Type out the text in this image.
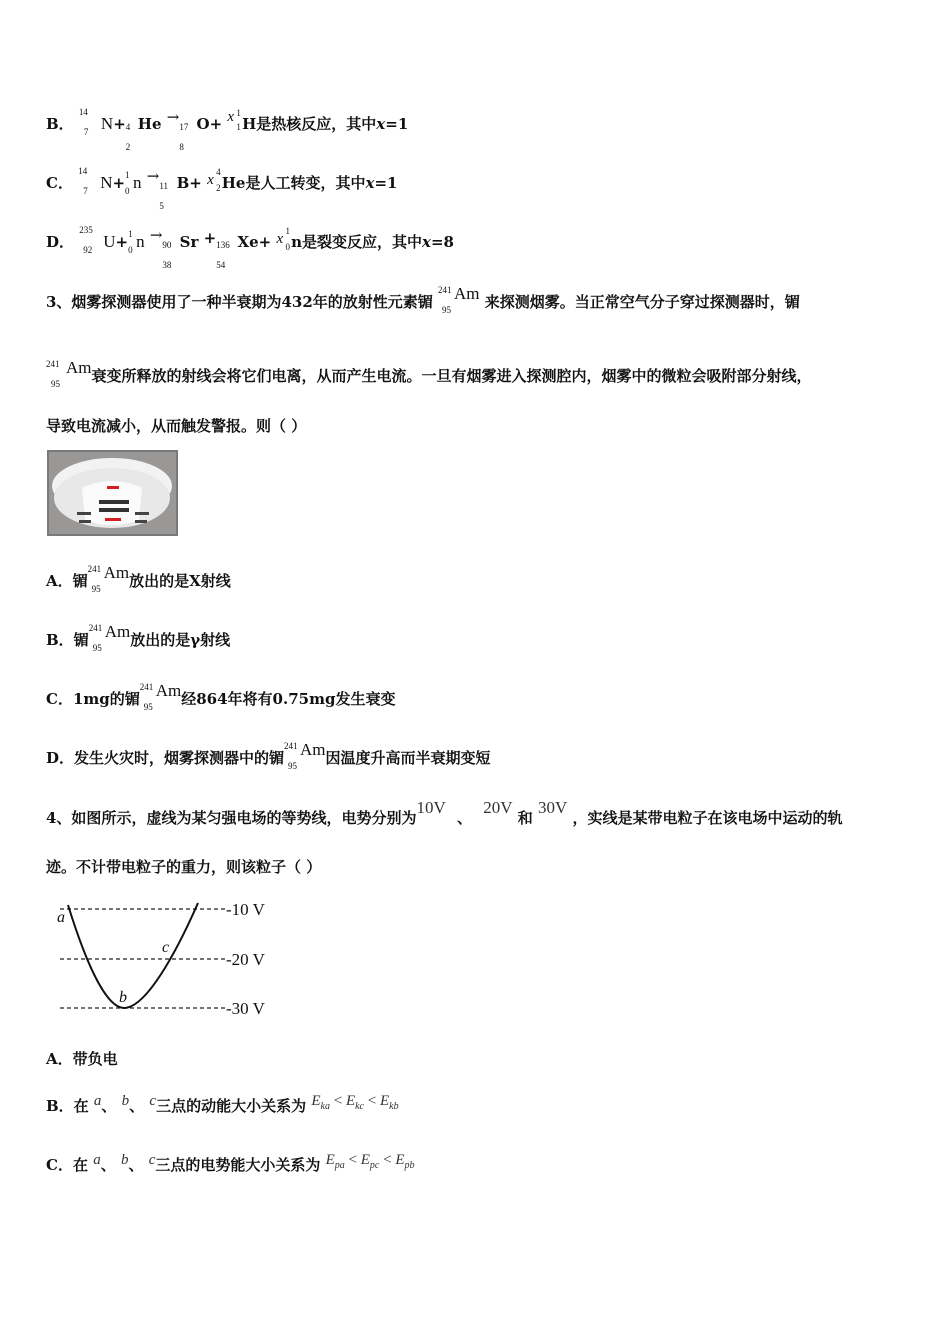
B．
14
7 N+ 4
2
He →
17
8
O+ x 1
1 H是热核反应，其中x=1
C．
14
7 N+ 1
0 n →
11
5
B+ x 4
2 He是人工转变，其中x=1
D．
235
92 U+ 1
0 n →
90
38
Sr + 136
54
Xe+ x 1
0 n是裂变反应，其中x=8
3、烟雾探测器使用了一种半衰期为432年的放射性元素镅
241
95
Am 来探测烟雾。当正常空气分子穿过探测器时，镅
241
95
Am衰变所释放的射线会将它们电离，从而产生电流。一旦有烟雾进入探测腔内，烟雾中的微粒会吸附部分射线，
导致电流减小，从而触发警报。则（ ）
A．镅
241
95
Am放出的是X射线
B．镅
241
95
Am放出的是γ射线
C．1mg的镅
241
95
Am经864年将有0.75mg发生衰变
D．发生火灾时，烟雾探测器中的镅
241
95
Am因温度升高而半衰期变短
4、如图所示，虚线为某匀强电场的等势线，电势分别为10V 、 20V 和 30V ，实线是某带电粒子在该电场中运动的轨
迹。不计带电粒子的重力，则该粒子（ ）
-10 V
-20 V
-30 V
a
b
c
A．带负电
B．在 a、 b、 c三点的动能大小关系为 $E_{ka} < E_{kc} < E_{kb}$
C．在 a、 b、 c三点的电势能大小关系为 $E_{pa} < E_{pc} < E_{pb}$
